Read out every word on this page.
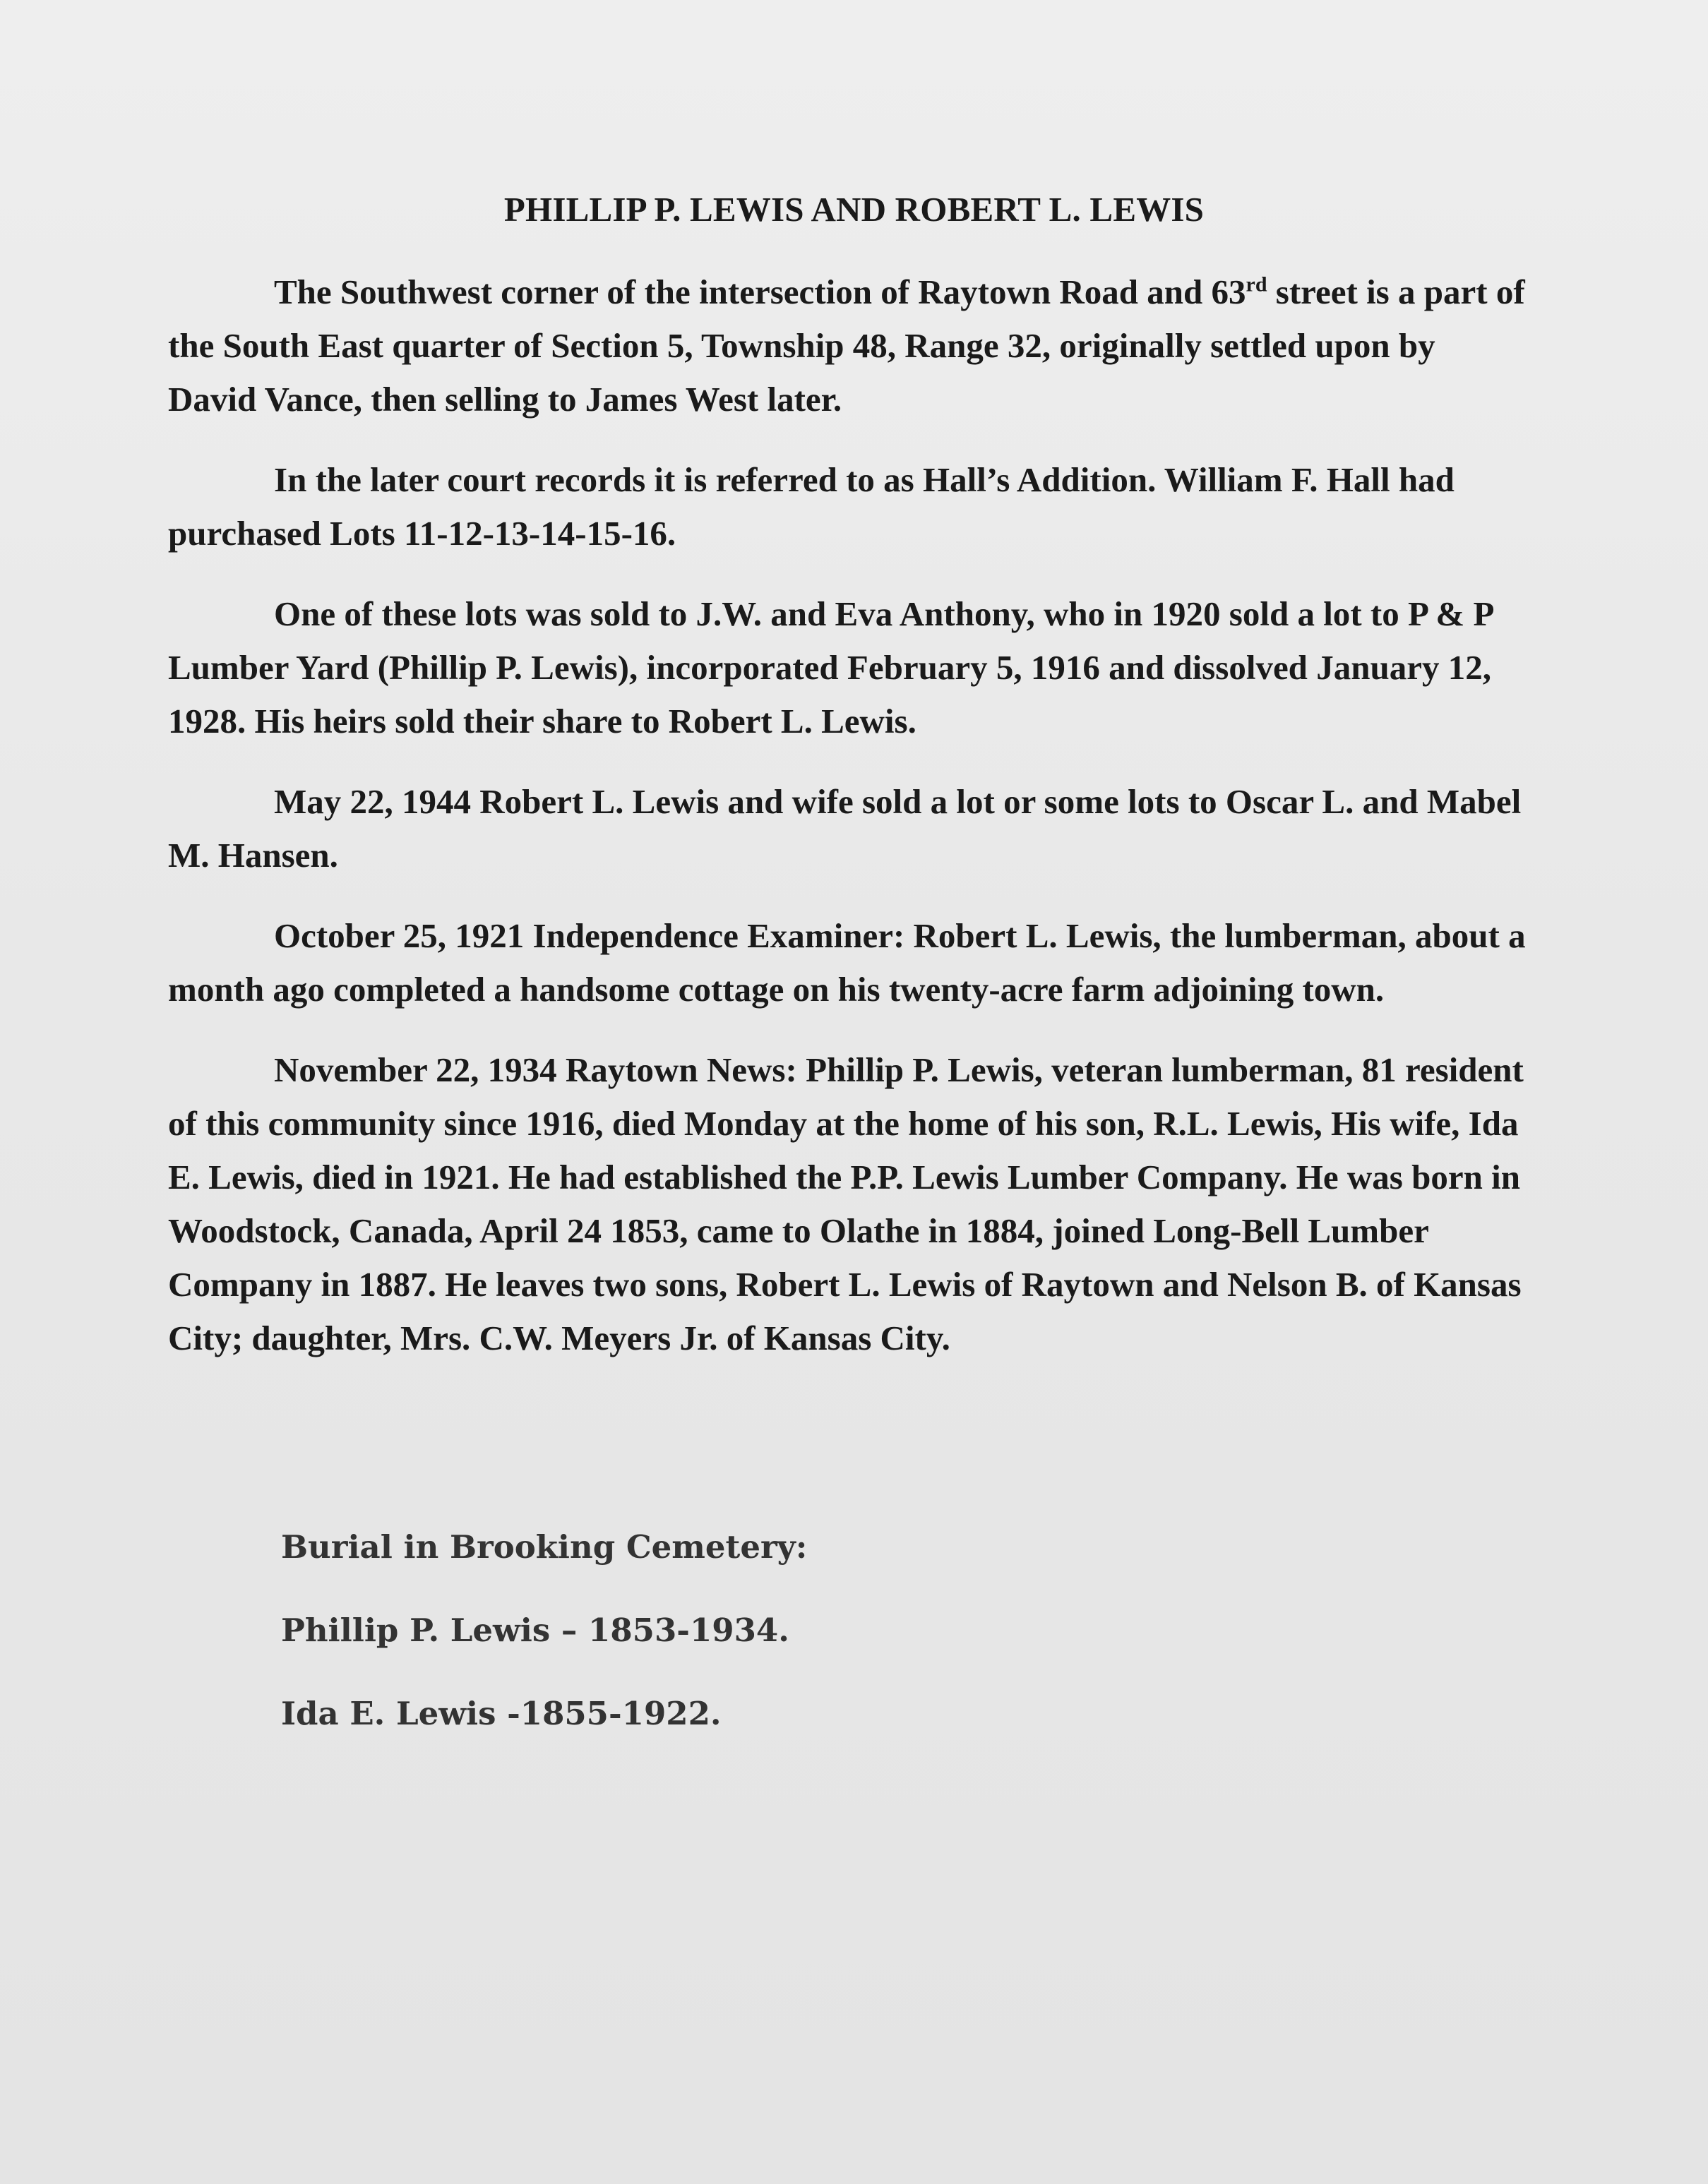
PHILLIP P. LEWIS AND ROBERT L. LEWIS

The Southwest corner of the intersection of Raytown Road and 63rd street is a part of the South East quarter of Section 5, Township 48, Range 32, originally settled upon by David Vance, then selling to James West later.

In the later court records it is referred to as Hall’s Addition. William F. Hall had purchased Lots 11-12-13-14-15-16.

One of these lots was sold to J.W. and Eva Anthony, who in 1920 sold a lot to P & P Lumber Yard (Phillip P. Lewis), incorporated February 5, 1916 and dissolved January 12, 1928. His heirs sold their share to Robert L. Lewis.

May 22, 1944 Robert L. Lewis and wife sold a lot or some lots to Oscar L. and Mabel M. Hansen.

October 25, 1921 Independence Examiner: Robert L. Lewis, the lumberman, about a month ago completed a handsome cottage on his twenty-acre farm adjoining town.

November 22, 1934 Raytown News: Phillip P. Lewis, veteran lumberman, 81 resident of this community since 1916, died Monday at the home of his son, R.L. Lewis, His wife, Ida E. Lewis, died in 1921. He had established the P.P. Lewis Lumber Company. He was born in Woodstock, Canada, April 24 1853, came to Olathe in 1884, joined Long-Bell Lumber Company in 1887. He leaves two sons, Robert L. Lewis of Raytown and Nelson B. of Kansas City; daughter, Mrs. C.W. Meyers Jr. of Kansas City.

Burial in Brooking Cemetery:

Phillip P. Lewis – 1853-1934.

Ida E. Lewis -1855-1922.
